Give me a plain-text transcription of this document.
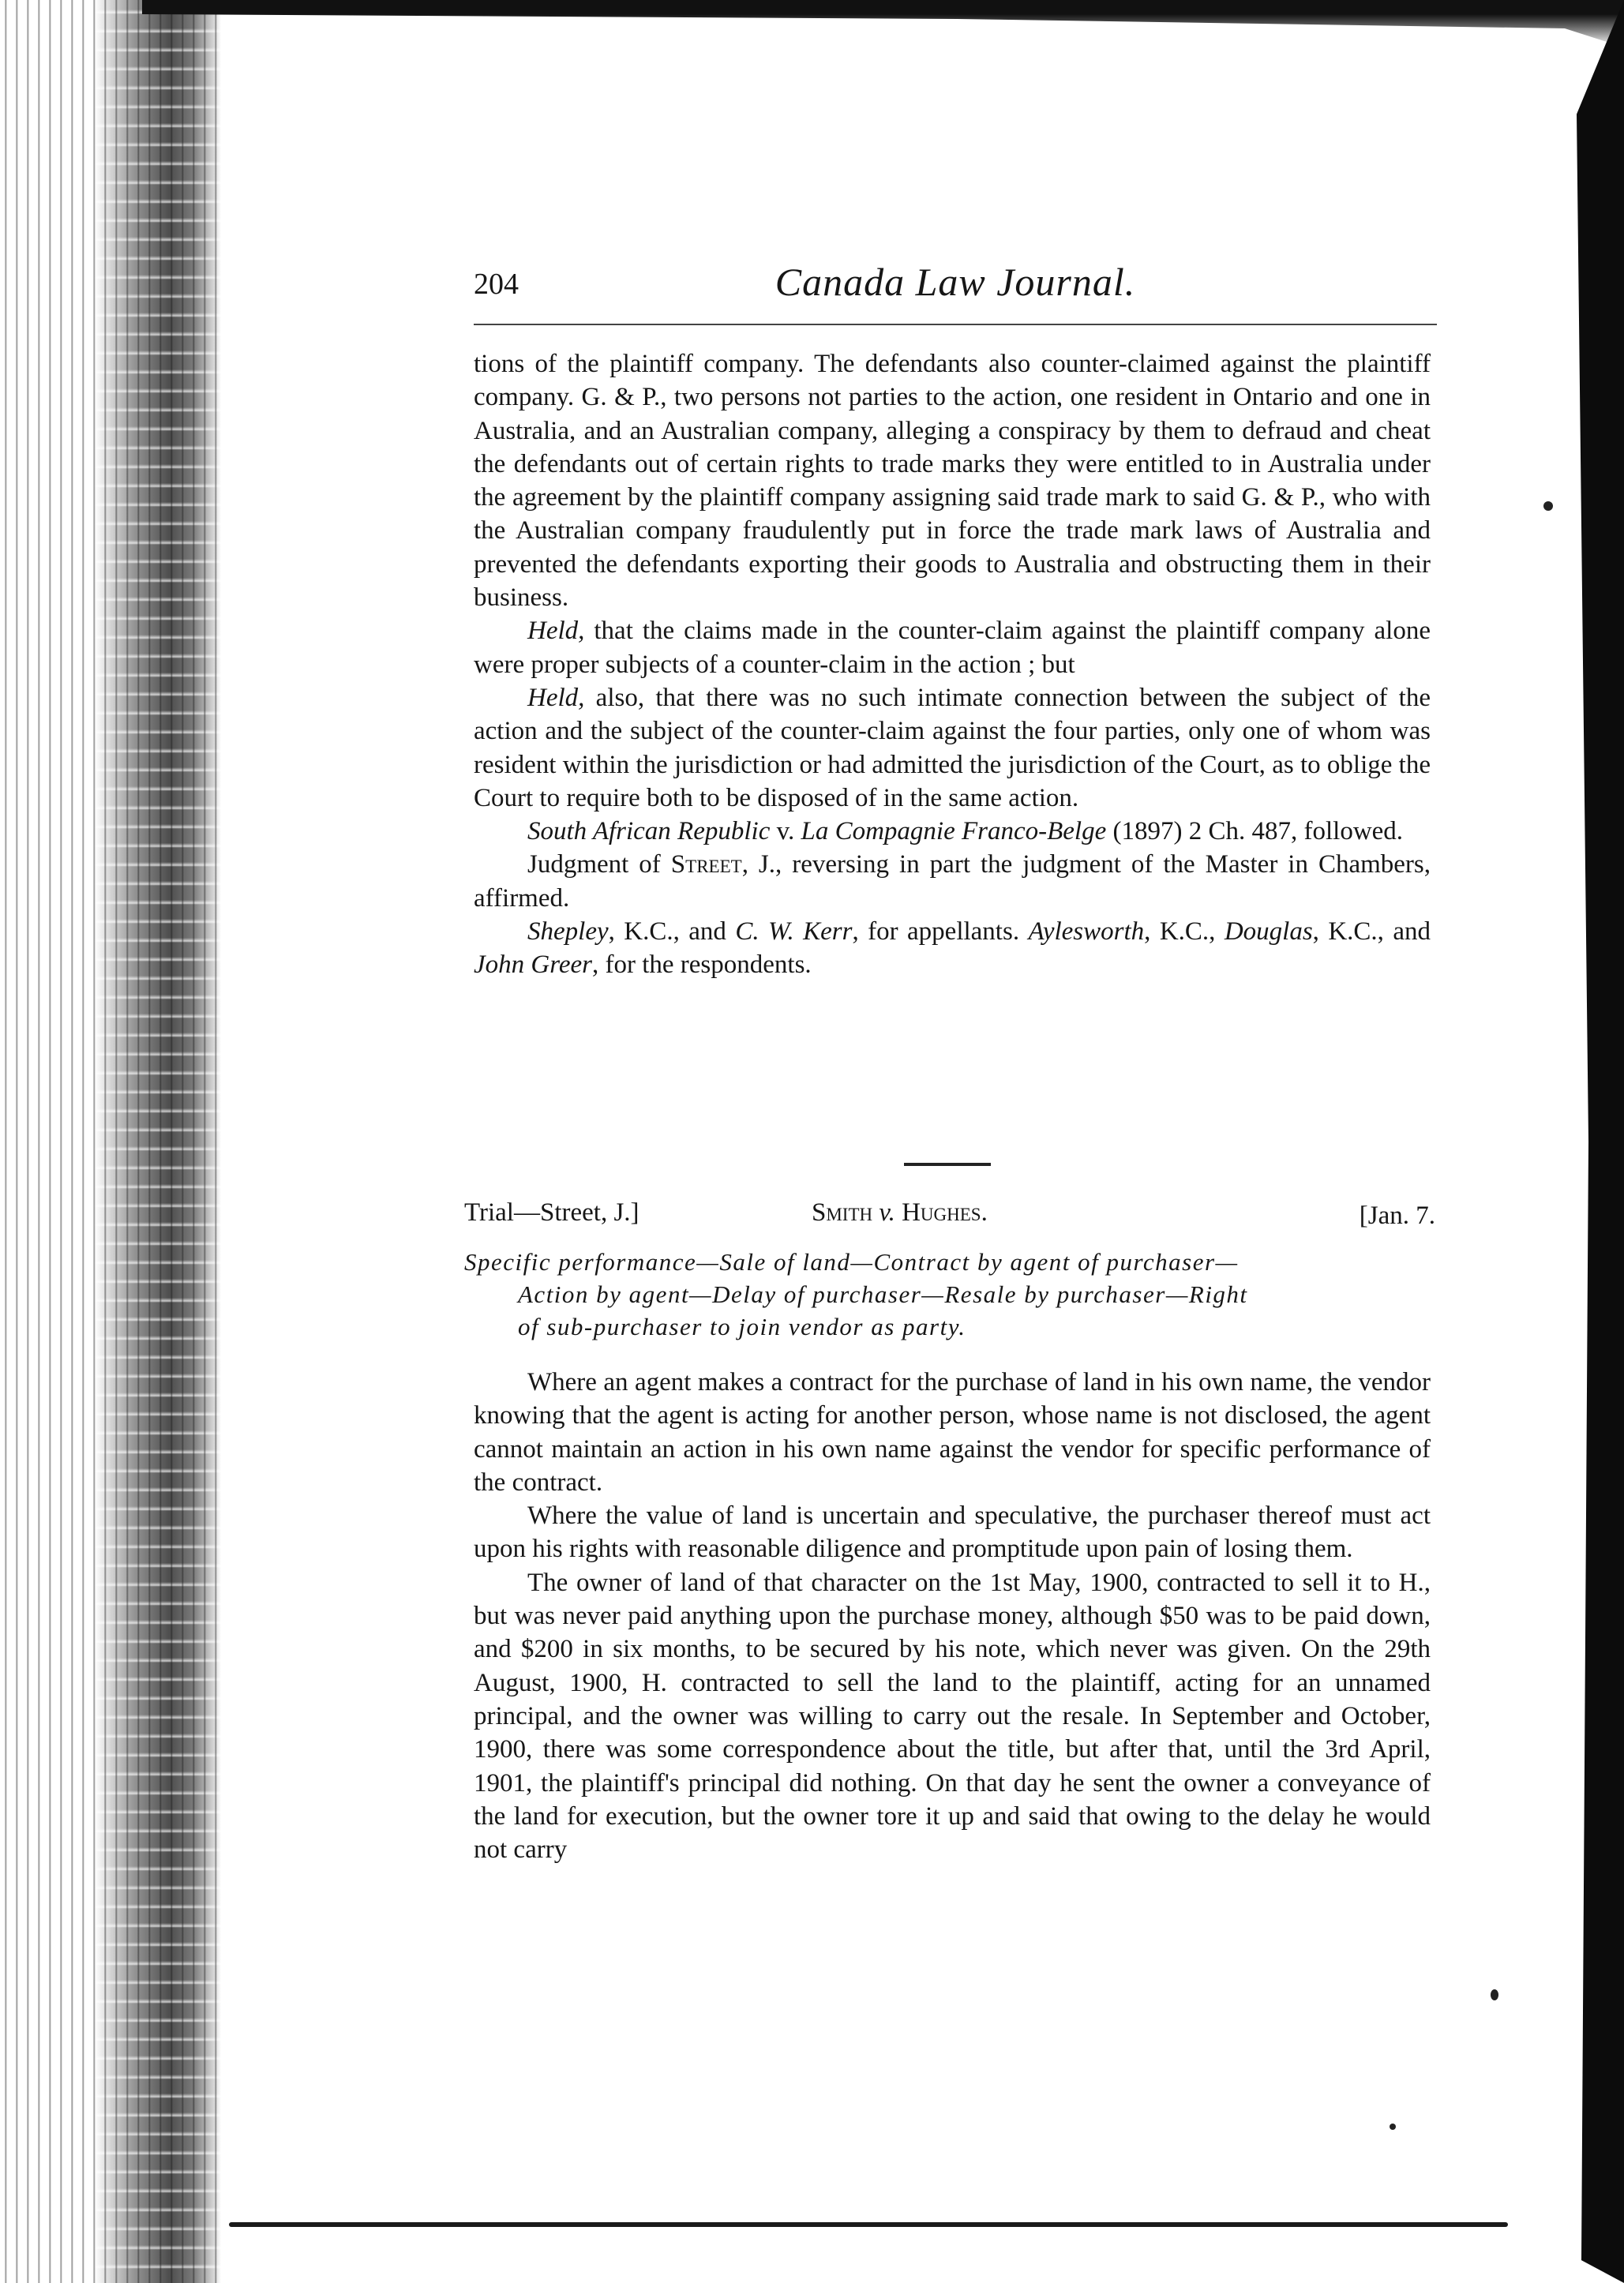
204	Canada Law Journal.

tions of the plaintiff company. The defendants also counter-claimed against the plaintiff company. G. & P., two persons not parties to the action, one resident in Ontario and one in Australia, and an Australian company, alleging a conspiracy by them to defraud and cheat the defendants out of certain rights to trade marks they were entitled to in Australia under the agreement by the plaintiff company assigning said trade mark to said G. & P., who with the Australian company fraudulently put in force the trade mark laws of Australia and prevented the defendants exporting their goods to Australia and obstructing them in their business.

Held, that the claims made in the counter-claim against the plaintiff company alone were proper subjects of a counter-claim in the action ; but

Held, also, that there was no such intimate connection between the subject of the action and the subject of the counter-claim against the four parties, only one of whom was resident within the jurisdiction or had admitted the jurisdiction of the Court, as to oblige the Court to require both to be disposed of in the same action.

South African Republic v. La Compagnie Franco-Belge (1897) 2 Ch. 487, followed.

Judgment of Street, J., reversing in part the judgment of the Master in Chambers, affirmed.

Shepley, K.C., and C. W. Kerr, for appellants. Aylesworth, K.C., Douglas, K.C., and John Greer, for the respondents.

Trial—Street, J.]	Smith v. Hughes.	[Jan. 7.

Specific performance—Sale of land—Contract by agent of purchaser—

Action by agent—Delay of purchaser—Resale by purchaser—Right

of sub-purchaser to join vendor as party.

Where an agent makes a contract for the purchase of land in his own name, the vendor knowing that the agent is acting for another person, whose name is not disclosed, the agent cannot maintain an action in his own name against the vendor for specific performance of the contract.

Where the value of land is uncertain and speculative, the purchaser thereof must act upon his rights with reasonable diligence and promptitude upon pain of losing them.

The owner of land of that character on the 1st May, 1900, contracted to sell it to H., but was never paid anything upon the purchase money, although $50 was to be paid down, and $200 in six months, to be secured by his note, which never was given. On the 29th August, 1900, H. contracted to sell the land to the plaintiff, acting for an unnamed principal, and the owner was willing to carry out the resale. In September and October, 1900, there was some correspondence about the title, but after that, until the 3rd April, 1901, the plaintiff's principal did nothing. On that day he sent the owner a conveyance of the land for execution, but the owner tore it up and said that owing to the delay he would not carry
